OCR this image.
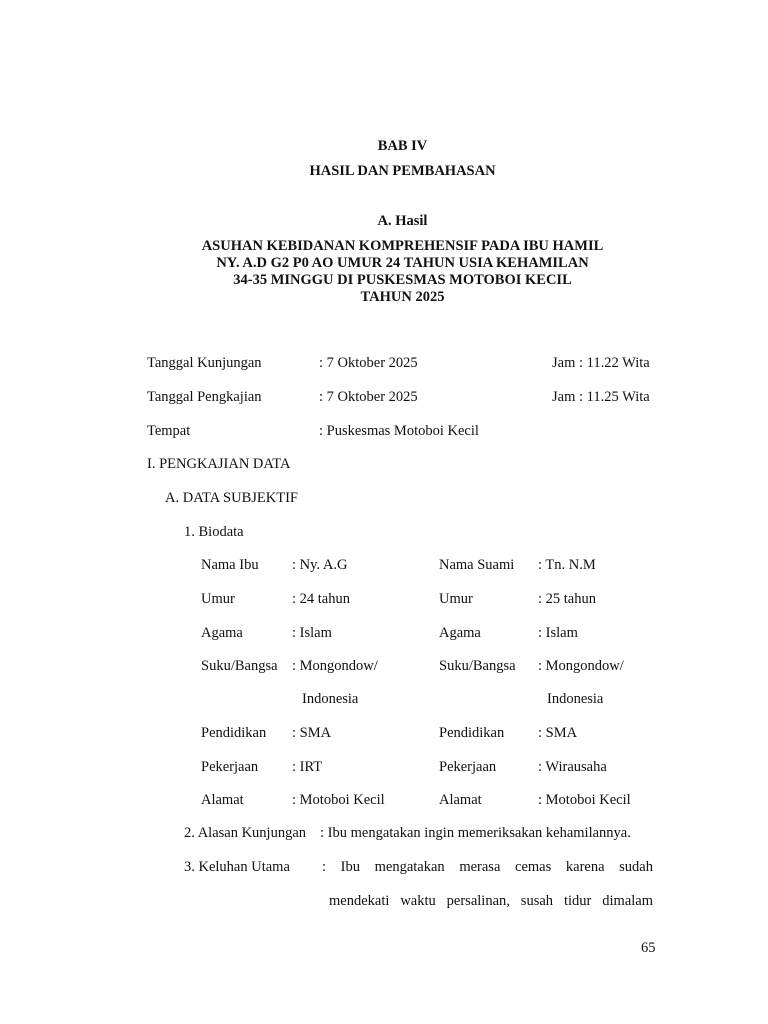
BAB IV
HASIL DAN PEMBAHASAN
A. Hasil
ASUHAN KEBIDANAN KOMPREHENSIF PADA IBU HAMIL
NY. A.D G2 P0 AO UMUR 24 TAHUN USIA KEHAMILAN
34-35 MINGGU DI PUSKESMAS MOTOBOI KECIL
TAHUN 2025
Tanggal Kunjungan	: 7 Oktober 2025	Jam : 11.22 Wita
Tanggal Pengkajian	: 7 Oktober 2025	Jam : 11.25 Wita
Tempat	: Puskesmas Motoboi Kecil
I. PENGKAJIAN DATA
A. DATA SUBJEKTIF
1. Biodata
Nama Ibu : Ny. A.G	Nama Suami : Tn. N.M
Umur	: 24 tahun	Umur	: 25 tahun
Agama	: Islam	Agama	: Islam
Suku/Bangsa : Mongondow/	Suku/Bangsa : Mongondow/
Indonesia	Indonesia
Pendidikan : SMA	Pendidikan : SMA
Pekerjaan : IRT	Pekerjaan	: Wirausaha
Alamat	: Motoboi Kecil	Alamat	: Motoboi Kecil
2. Alasan Kunjungan : Ibu mengatakan ingin memeriksakan kehamilannya.
3. Keluhan Utama : Ibu mengatakan merasa cemas karena sudah
mendekati waktu persalinan, susah tidur dimalam
65
